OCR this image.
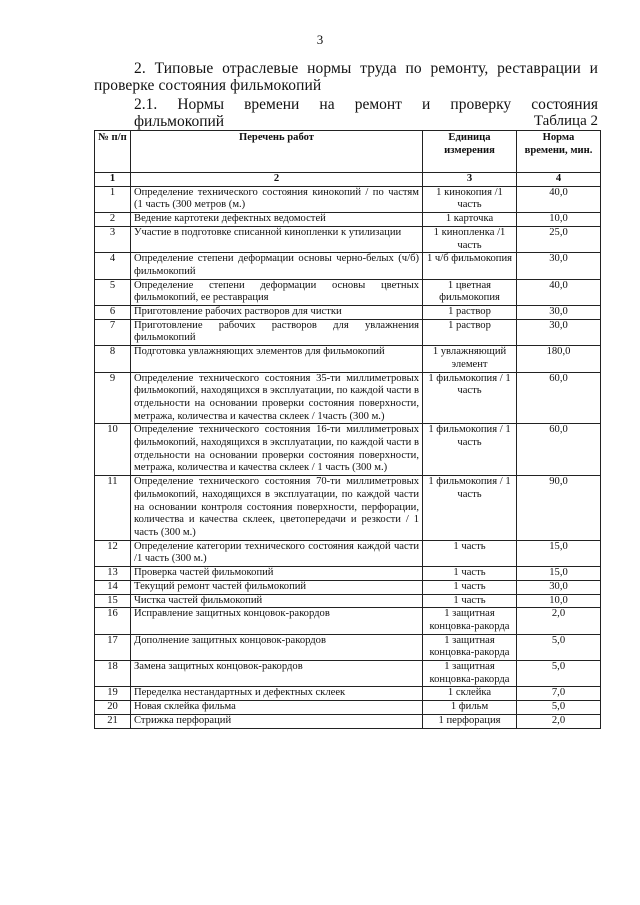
3
2. Типовые отраслевые нормы труда по ремонту, реставрации и проверке состояния фильмокопий
2.1. Нормы времени на ремонт и проверку состояния фильмокопий	Таблица 2
№ п/п	Перечень работ	Единица измерения	Норма времени, мин.
1	2	3	4
1	Определение технического состояния кинокопий / по частям (1 часть (300 метров (м.)	1 кинокопия /1 часть	40,0
2	Ведение картотеки дефектных ведомостей	1 карточка	10,0
3	Участие в подготовке списанной кинопленки к утилизации	1 кинопленка /1 часть	25,0
4	Определение степени деформации основы черно-белых (ч/б) фильмокопий	1 ч/б фильмокопия	30,0
5	Определение степени деформации основы цветных фильмокопий, ее реставрация	1 цветная фильмокопия	40,0
6	Приготовление рабочих растворов для чистки	1 раствор	30,0
7	Приготовление рабочих растворов для увлажнения фильмокопий	1 раствор	30,0
8	Подготовка увлажняющих элементов для фильмокопий	1 увлажняющий элемент	180,0
9	Определение технического состояния 35-ти миллиметровых фильмокопий, находящихся в эксплуатации, по каждой части в отдельности на основании проверки состояния поверхности, метража, количества и качества склеек / 1часть (300 м.)	1 фильмокопия / 1 часть	60,0
10	Определение технического состояния 16-ти миллиметровых фильмокопий, находящихся в эксплуатации, по каждой части в отдельности на основании проверки состояния поверхности, метража, количества и качества склеек / 1 часть (300 м.)	1 фильмокопия / 1 часть	60,0
11	Определение технического состояния 70-ти миллиметровых фильмокопий, находящихся в эксплуатации, по каждой части на основании контроля состояния поверхности, перфорации, количества и качества склеек, цветопередачи и резкости / 1 часть (300 м.)	1 фильмокопия / 1 часть	90,0
12	Определение категории технического состояния каждой части /1 часть (300 м.)	1 часть	15,0
13	Проверка частей фильмокопий	1 часть	15,0
14	Текущий ремонт частей фильмокопий	1 часть	30,0
15	Чистка частей фильмокопий	1 часть	10,0
16	Исправление защитных концовок-ракордов	1 защитная концовка-ракорда	2,0
17	Дополнение защитных концовок-ракордов	1 защитная концовка-ракорда	5,0
18	Замена защитных концовок-ракордов	1 защитная концовка-ракорда	5,0
19	Переделка нестандартных и дефектных склеек	1 склейка	7,0
20	Новая склейка фильма	1 фильм	5,0
21	Стрижка перфораций	1 перфорация	2,0
